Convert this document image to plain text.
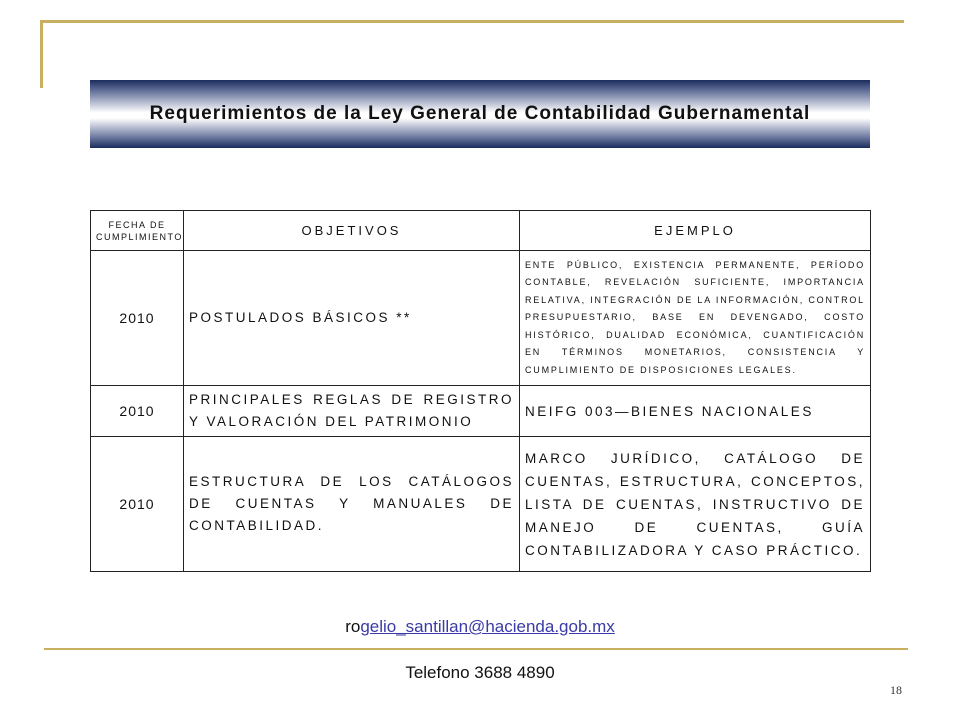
Requerimientos de la Ley General de Contabilidad Gubernamental
FECHA DE CUMPLIMIENTO	OBJETIVOS	EJEMPLO
2010	POSTULADOS BÁSICOS **	ENTE PÚBLICO, EXISTENCIA PERMANENTE, PERÍODO CONTABLE, REVELACIÓN SUFICIENTE, IMPORTANCIA RELATIVA, INTEGRACIÓN DE LA INFORMACIÓN, CONTROL PRESUPUESTARIO, BASE EN DEVENGADO, COSTO HISTÓRICO, DUALIDAD ECONÓMICA, CUANTIFICACIÓN EN TÉRMINOS MONETARIOS, CONSISTENCIA Y CUMPLIMIENTO DE DISPOSICIONES LEGALES.
2010	PRINCIPALES REGLAS DE REGISTRO Y VALORACIÓN DEL PATRIMONIO	NEIFG 003—BIENES NACIONALES
2010	ESTRUCTURA DE LOS CATÁLOGOS DE CUENTAS Y MANUALES DE CONTABILIDAD.	MARCO JURÍDICO, CATÁLOGO DE CUENTAS, ESTRUCTURA, CONCEPTOS, LISTA DE CUENTAS, INSTRUCTIVO DE MANEJO DE CUENTAS, GUÍA CONTABILIZADORA Y CASO PRÁCTICO.
rogelio_santillan@hacienda.gob.mx
Telefono 3688 4890
18
